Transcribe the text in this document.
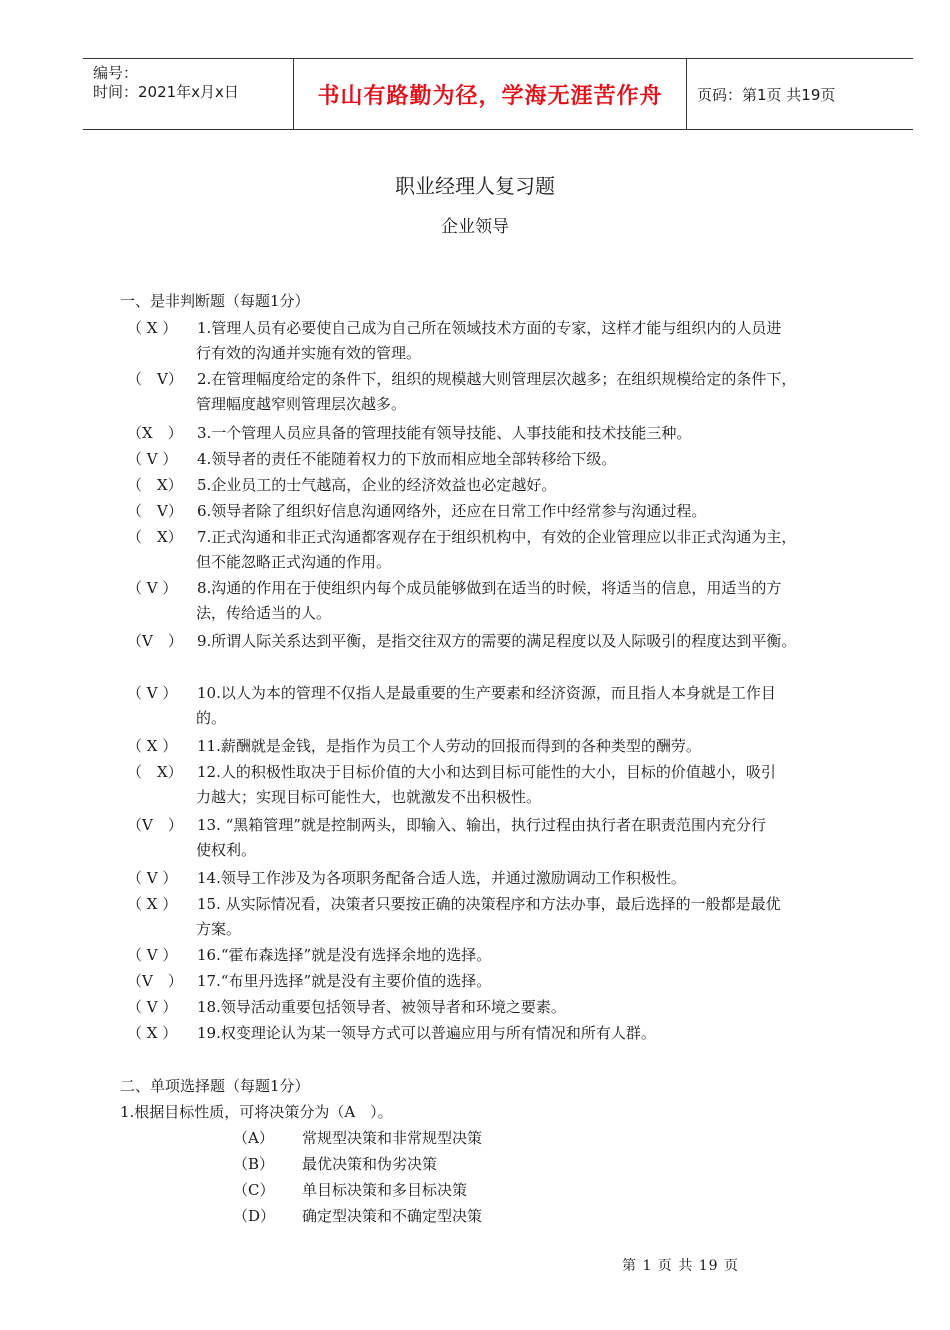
编号：
时间：2021年x月x日	书山有路勤为径，学海无涯苦作舟	页码：第1页 共19页
职业经理人复习题
企业领导
一、是非判断题（每题1分）
（ X ） 1.管理人员有必要使自己成为自己所在领域技术方面的专家，这样才能与组织内的人员进
行有效的沟通并实施有效的管理。
（　V） 2.在管理幅度给定的条件下，组织的规模越大则管理层次越多；在组织规模给定的条件下，
管理幅度越窄则管理层次越多。
（X　） 3.一个管理人员应具备的管理技能有领导技能、人事技能和技术技能三种。
（ V ） 4.领导者的责任不能随着权力的下放而相应地全部转移给下级。
（　X） 5.企业员工的士气越高，企业的经济效益也必定越好。
（　V） 6.领导者除了组织好信息沟通网络外，还应在日常工作中经常参与沟通过程。
（　X） 7.正式沟通和非正式沟通都客观存在于组织机构中，有效的企业管理应以非正式沟通为主，
但不能忽略正式沟通的作用。
（ V ） 8.沟通的作用在于使组织内每个成员能够做到在适当的时候，将适当的信息，用适当的方
法，传给适当的人。
（V　） 9.所谓人际关系达到平衡，是指交往双方的需要的满足程度以及人际吸引的程度达到平衡。
（ V ） 10.以人为本的管理不仅指人是最重要的生产要素和经济资源，而且指人本身就是工作目
的。
（ X ） 11.薪酬就是金钱，是指作为员工个人劳动的回报而得到的各种类型的酬劳。
（　X） 12.人的积极性取决于目标价值的大小和达到目标可能性的大小，目标的价值越小，吸引
力越大；实现目标可能性大，也就激发不出积极性。
（V　） 13. “黑箱管理”就是控制两头，即输入、输出，执行过程由执行者在职责范围内充分行
使权利。
（ V ） 14.领导工作涉及为各项职务配备合适人选，并通过激励调动工作积极性。
（ X ） 15. 从实际情况看，决策者只要按正确的决策程序和方法办事，最后选择的一般都是最优
方案。
（ V ） 16.“霍布森选择”就是没有选择余地的选择。
（V　） 17.“布里丹选择”就是没有主要价值的选择。
（ V ） 18.领导活动重要包括领导者、被领导者和环境之要素。
（ X ） 19.权变理论认为某一领导方式可以普遍应用与所有情况和所有人群。
二、单项选择题（每题1分）
1.根据目标性质，可将决策分为（A　）。
（A） 常规型决策和非常规型决策
（B） 最优决策和伪劣决策
（C） 单目标决策和多目标决策
（D） 确定型决策和不确定型决策
第 1 页 共 19 页
